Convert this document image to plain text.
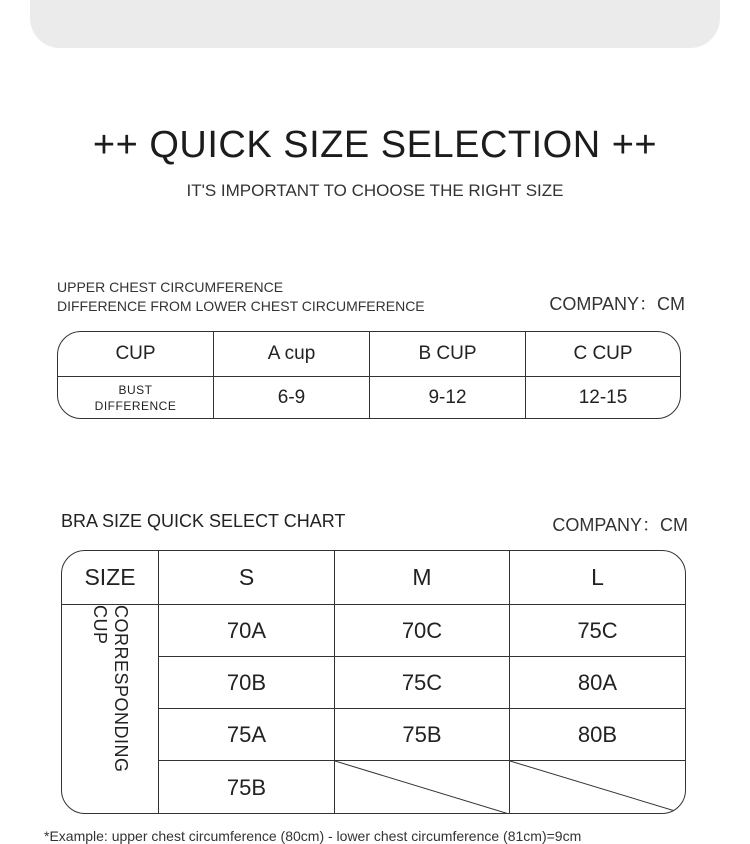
++ QUICK SIZE SELECTION ++
IT'S IMPORTANT TO CHOOSE THE RIGHT SIZE
UPPER CHEST CIRCUMFERENCE
DIFFERENCE FROM LOWER CHEST CIRCUMFERENCE	COMPANY：CM
CUP	A cup	B CUP	C CUP
BUST
DIFFERENCE	6-9	9-12	12-15
BRA SIZE QUICK SELECT CHART	COMPANY：CM
SIZE	S	M	L
CORRESPONDING CUP	70A	70C	75C
70B	75C	80A
75A	75B	80B
75B
*Example: upper chest circumference (80cm) - lower chest circumference (81cm)=9cm
